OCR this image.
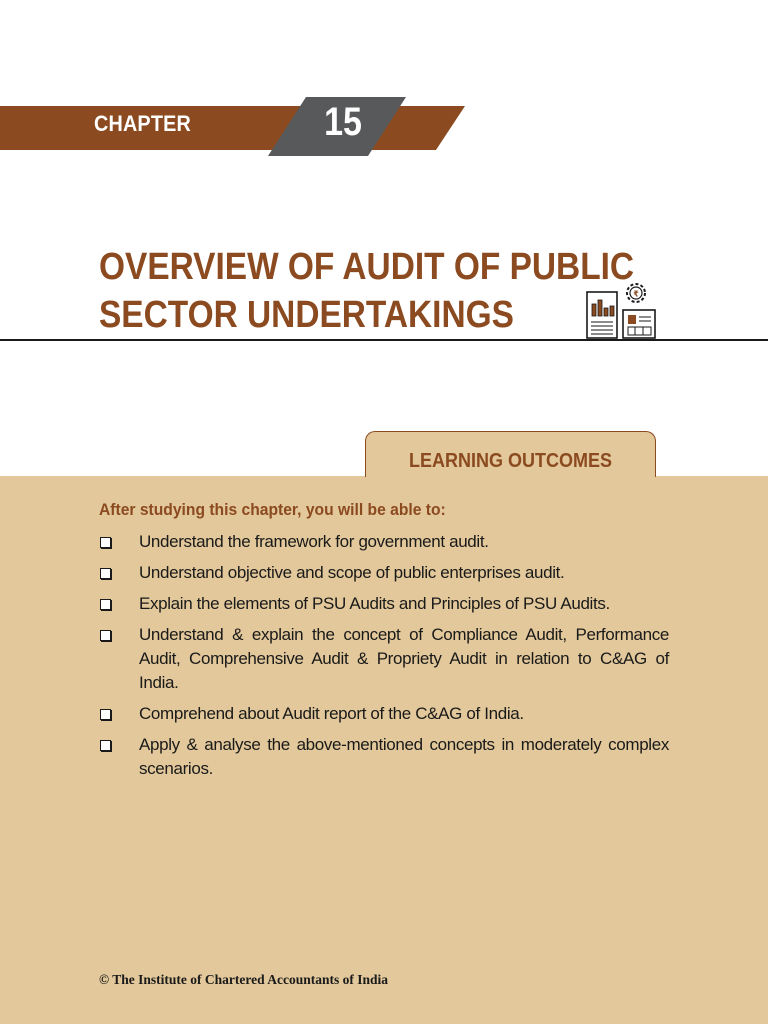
CHAPTER	15
OVERVIEW OF AUDIT OF PUBLIC
SECTOR UNDERTAKINGS	₹
LEARNING OUTCOMES
After studying this chapter, you will be able to:
Understand the framework for government audit.
Understand objective and scope of public enterprises audit.
Explain the elements of PSU Audits and Principles of PSU Audits.
Understand & explain the concept of Compliance Audit, Performance Audit, Comprehensive Audit & Propriety Audit in relation to C&AG of India.
Comprehend about Audit report of the C&AG of India.
Apply & analyse the above-mentioned concepts in moderately complex scenarios.
© The Institute of Chartered Accountants of India
